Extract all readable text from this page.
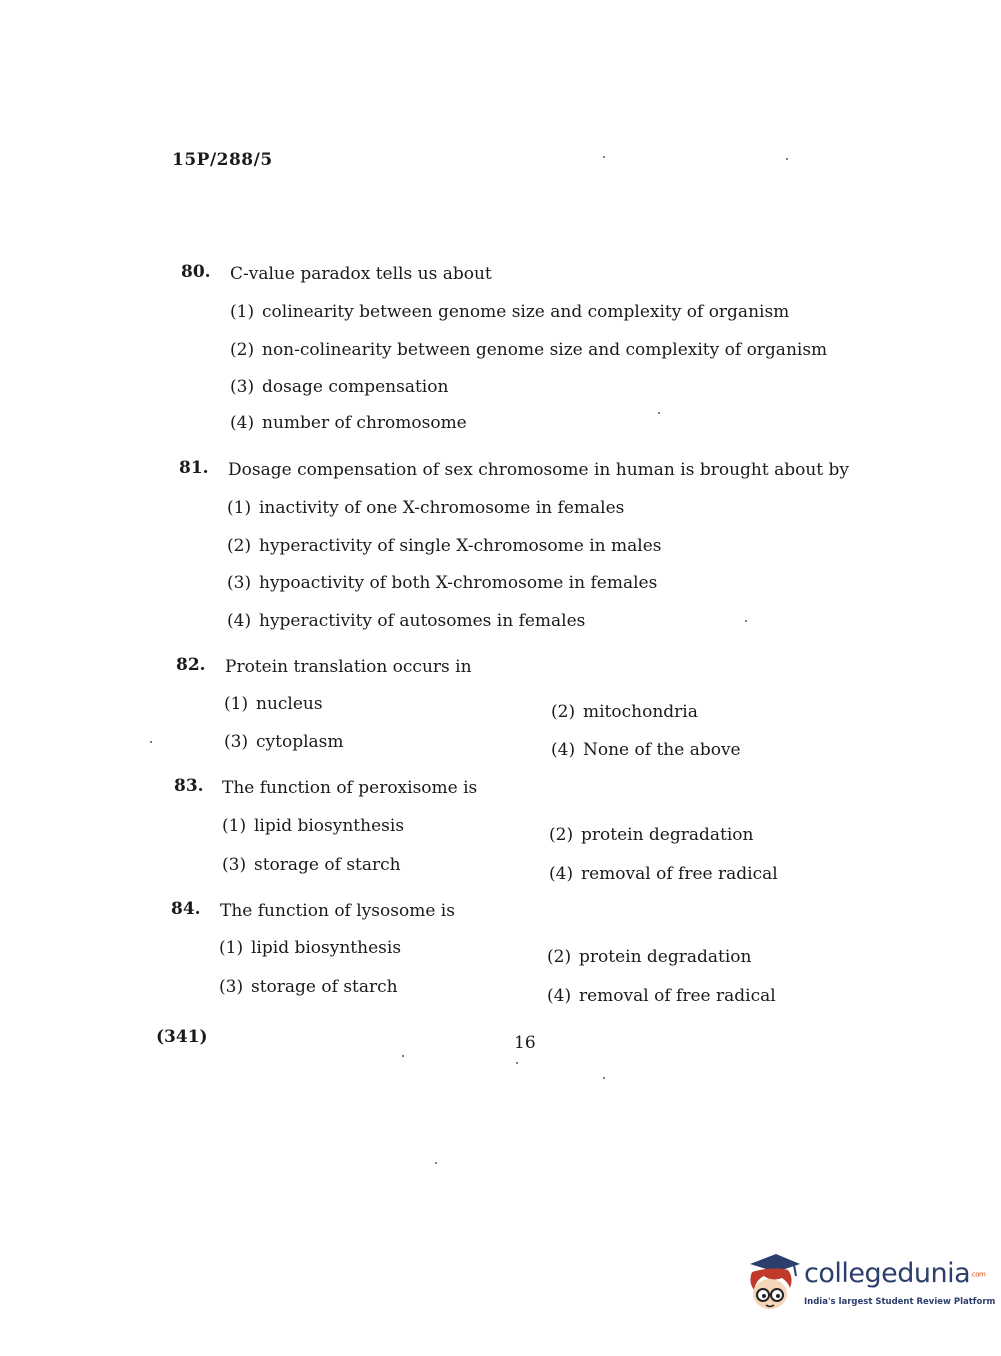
15P/288/5
80. C-value paradox tells us about
(1) colinearity between genome size and complexity of organism
(2) non-colinearity between genome size and complexity of organism
(3) dosage compensation
(4) number of chromosome
81. Dosage compensation of sex chromosome in human is brought about by
(1) inactivity of one X-chromosome in females
(2) hyperactivity of single X-chromosome in males
(3) hypoactivity of both X-chromosome in females
(4) hyperactivity of autosomes in females
82. Protein translation occurs in
(1) nucleus	(2) mitochondria
(3) cytoplasm	(4) None of the above
83. The function of peroxisome is
(1) lipid biosynthesis	(2) protein degradation
(3) storage of starch	(4) removal of free radical
84. The function of lysosome is
(1) lipid biosynthesis	(2) protein degradation
(3) storage of starch	(4) removal of free radical
(341)	16
collegedunia.com
India's largest Student Review Platform
